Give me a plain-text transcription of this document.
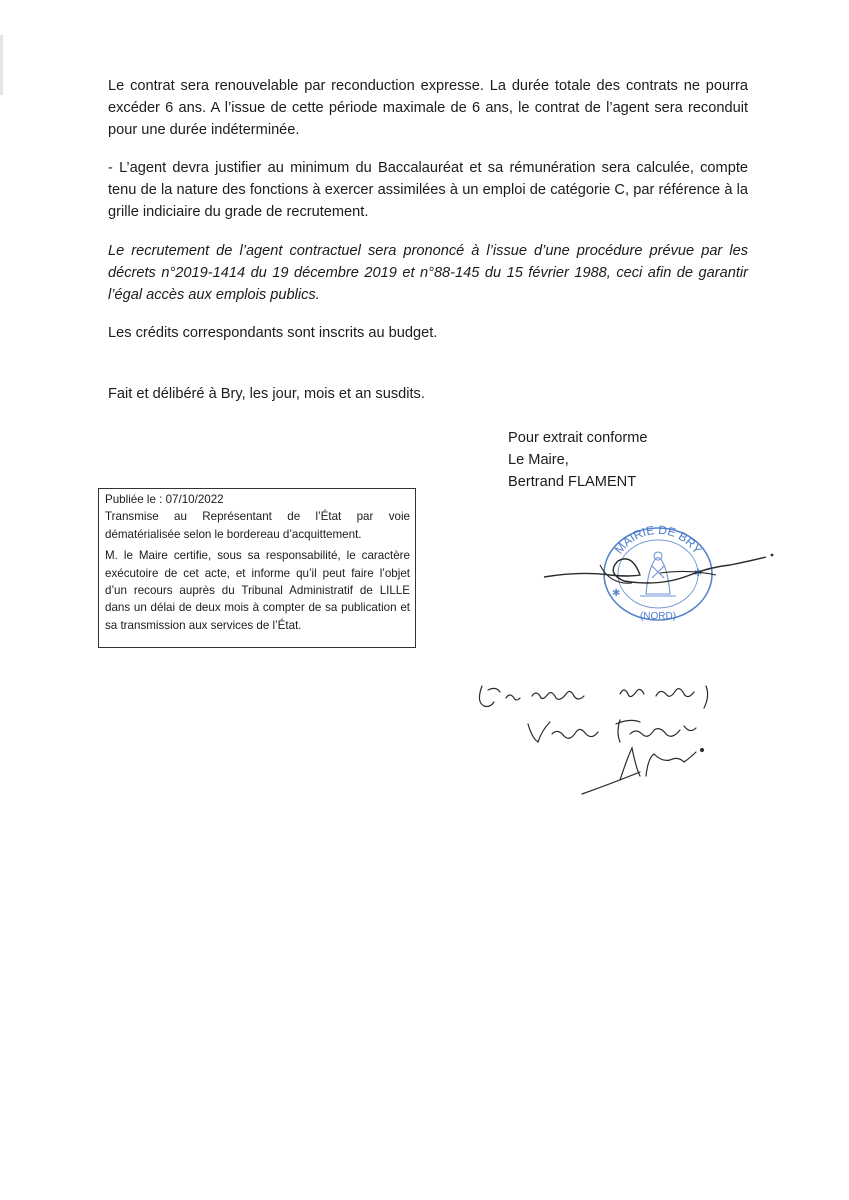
Le contrat sera renouvelable par reconduction expresse. La durée totale des contrats ne pourra excéder 6 ans. A l’issue de cette période maximale de 6 ans, le contrat de l’agent sera reconduit pour une durée indéterminée.

- L’agent devra justifier au minimum du Baccalauréat et sa rémunération sera calculée, compte tenu de la nature des fonctions à exercer assimilées à un emploi de catégorie C, par référence à la grille indiciaire du grade de recrutement.

Le recrutement de l’agent contractuel sera prononcé à l’issue d’une procédure prévue par les décrets n°2019-1414 du 19 décembre 2019 et n°88-145 du 15 février 1988, ceci afin de garantir l’égal accès aux emplois publics.

Les crédits correspondants sont inscrits au budget.

Fait et délibéré à Bry, les jour, mois et an susdits.

Pour extrait conforme
Le Maire,
Bertrand FLAMENT

Publiée le : 07/10/2022

Transmise au Représentant de l’État par voie dématérialisée selon le bordereau d’acquittement.

M. le Maire certifie, sous sa responsabilité, le caractère exécutoire de cet acte, et informe qu’il peut faire l’objet d’un recours auprès du Tribunal Administratif de LILLE dans un délai de deux mois à compter de sa publication et sa transmission aux services de l’État.

MAIRIE DE BRY
(NORD)
✱
✱
